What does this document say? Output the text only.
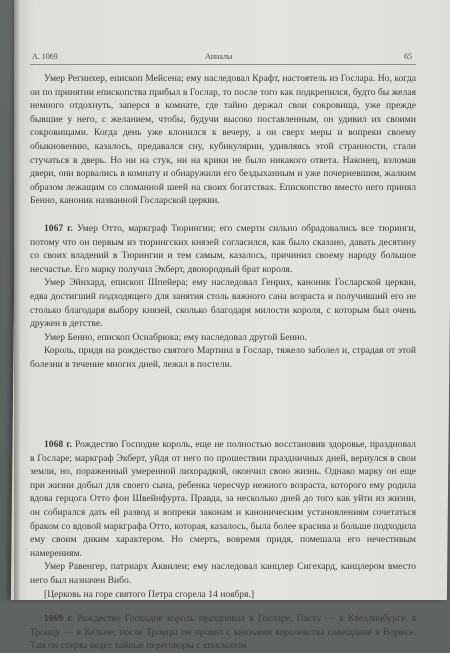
A. 1069	Анналы	65

Умер Регинхер, епископ Мейсена; ему наследовал Крафт, настоятель из Гослара. Но, когда он по принятии епископства прибыл в Гослар, то после того как подкрепился, будто бы желая немного отдохнуть, заперся в комнате, где тайно держал свои сокровища, уже прежде бывшие у него, с желанием, чтобы, будучи высоко поставленным, он удивил их своими сокровищами. Когда день уже клонился к вечеру, а он сверх меры и вопреки своему обыкновению, казалось, предавался сну, кубикулярии, удивляясь этой странности, стали стучаться в дверь. Но ни на стук, ни на крики не было никакого ответа. Наконец, взломав двери, они ворвались в комнату и обнаружили его бездыханным и уже почерневшим, жалким образом лежащим со сломанной шеей на своих богатствах. Епископство вместо него принял Бенно, каноник названной Госларской церкви.

1067 г. Умер Отто, маркграф Тюрингии; его смерти сильно обрадовались все тюринги, потому что он первым из тюрингских князей согласился, как было сказано, давать десятину со своих владений в Тюрингии и тем самым, казалось, причинил своему народу большое несчастье. Его марку получил Экберт, двоюродный брат короля.

Умер Эйнхард, епископ Шпейера; ему наследовал Генрих, каноник Госларской церкви, едва достигший подходящего для занятия столь важного сана возраста и получивший его не столько благодаря выбору князей, сколько благодаря милости короля, с которым был очень дружен в детстве.

Умер Бенно, епископ Оснабрюка; ему наследовал другой Бенно.

Король, придя на рождество святого Мартина в Гослар, тяжело заболел и, страдая от этой болезни в течение многих дней, лежал в постели.

1068 г. Рождество Господне король, еще не полностью восстановив здоровье, праздновал в Госларе; маркграф Экберт, уйдя от него по прошествии праздничных дней, вернулся в свои земли, но, пораженный умеренной лихорадкой, окончил свою жизнь. Однако марку он еще при жизни добыл для своего сына, ребенка чересчур нежного возраста, которого ему родила вдова герцога Отто фон Швейнфурта. Правда, за несколько дней до того как уйти из жизни, он собирался дать ей развод и вопреки законам и каноническим установлениям сочетаться браком со вдовой маркграфа Отто, которая, казалось, была более красива и больше подходила ему своим диким характером. Но смерть, вовремя придя, помешала его нечестивым намерениям.

Умер Равенгер, патриарх Аквилеи; ему наследовал канцлер Сигехард, канцлером вместо него был назначен Вибо.

[Церковь на горе святого Петра сгорела 14 ноября.]

1069 г. Рождество Господне король праздновал в Госларе, Пасху — в Кведлинбурге, а Троицу — в Кельне; после Троицы он провел с князьями королевства совещание в Вормсе. Там он сперва ведет тайные переговоры с епископом
